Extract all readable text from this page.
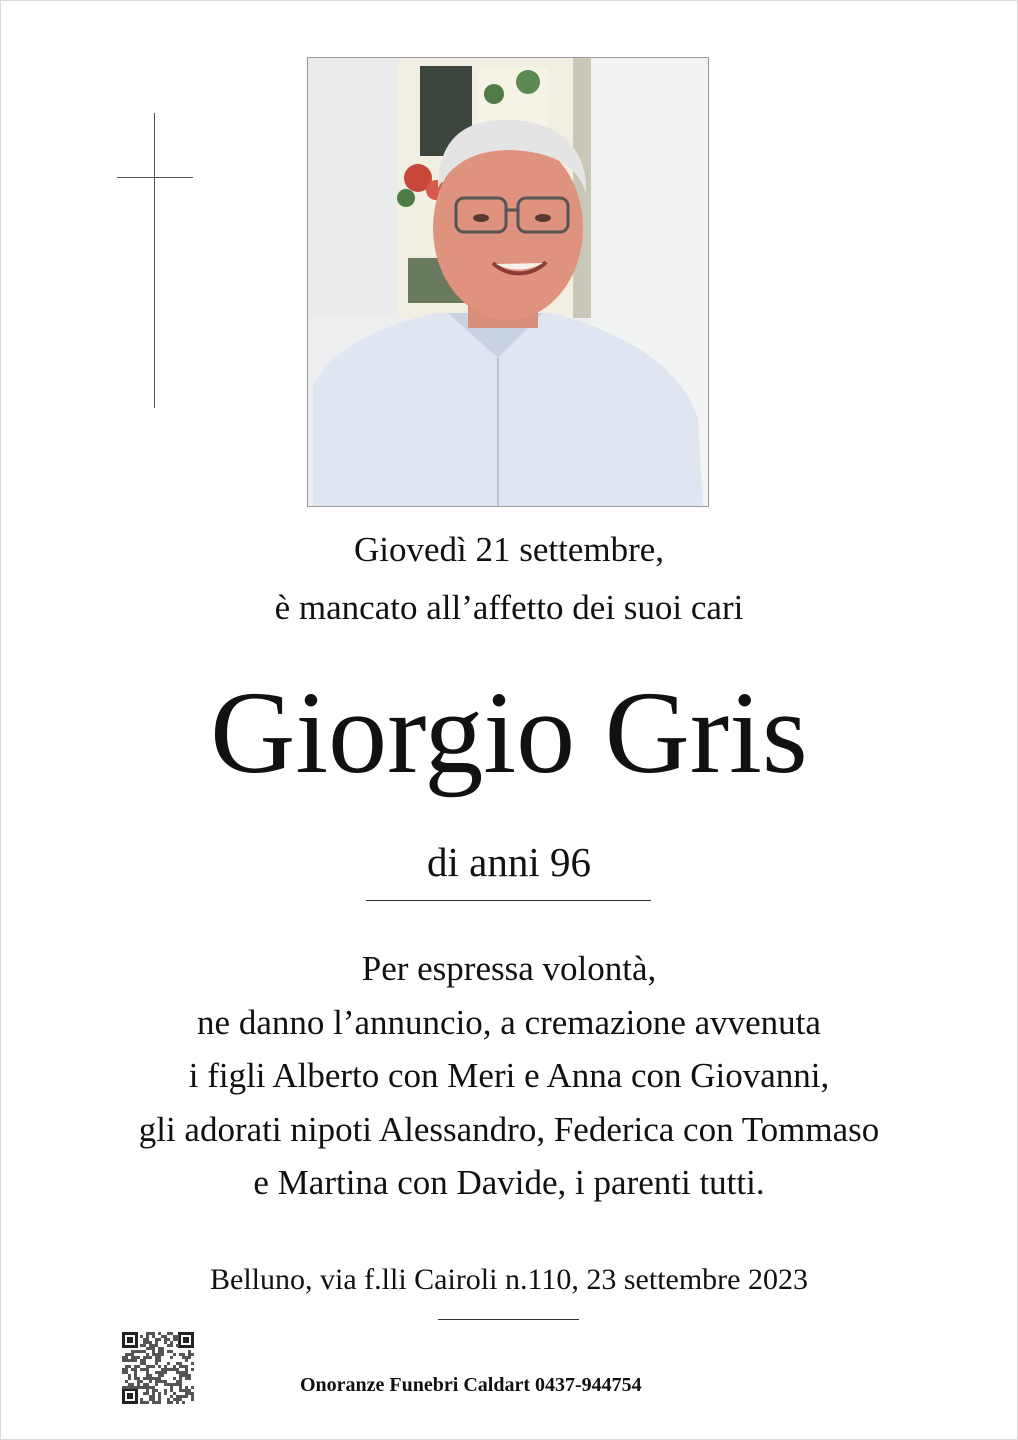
Giovedì 21 settembre,
è mancato all’affetto dei suoi cari
Giorgio Gris
di anni 96
Per espressa volontà,
ne danno l’annuncio, a cremazione avvenuta
i figli Alberto con Meri e Anna con Giovanni,
gli adorati nipoti Alessandro, Federica con Tommaso
e Martina con Davide, i parenti tutti.
Belluno, via f.lli Cairoli n.110, 23 settembre 2023
Onoranze Funebri Caldart 0437-944754
